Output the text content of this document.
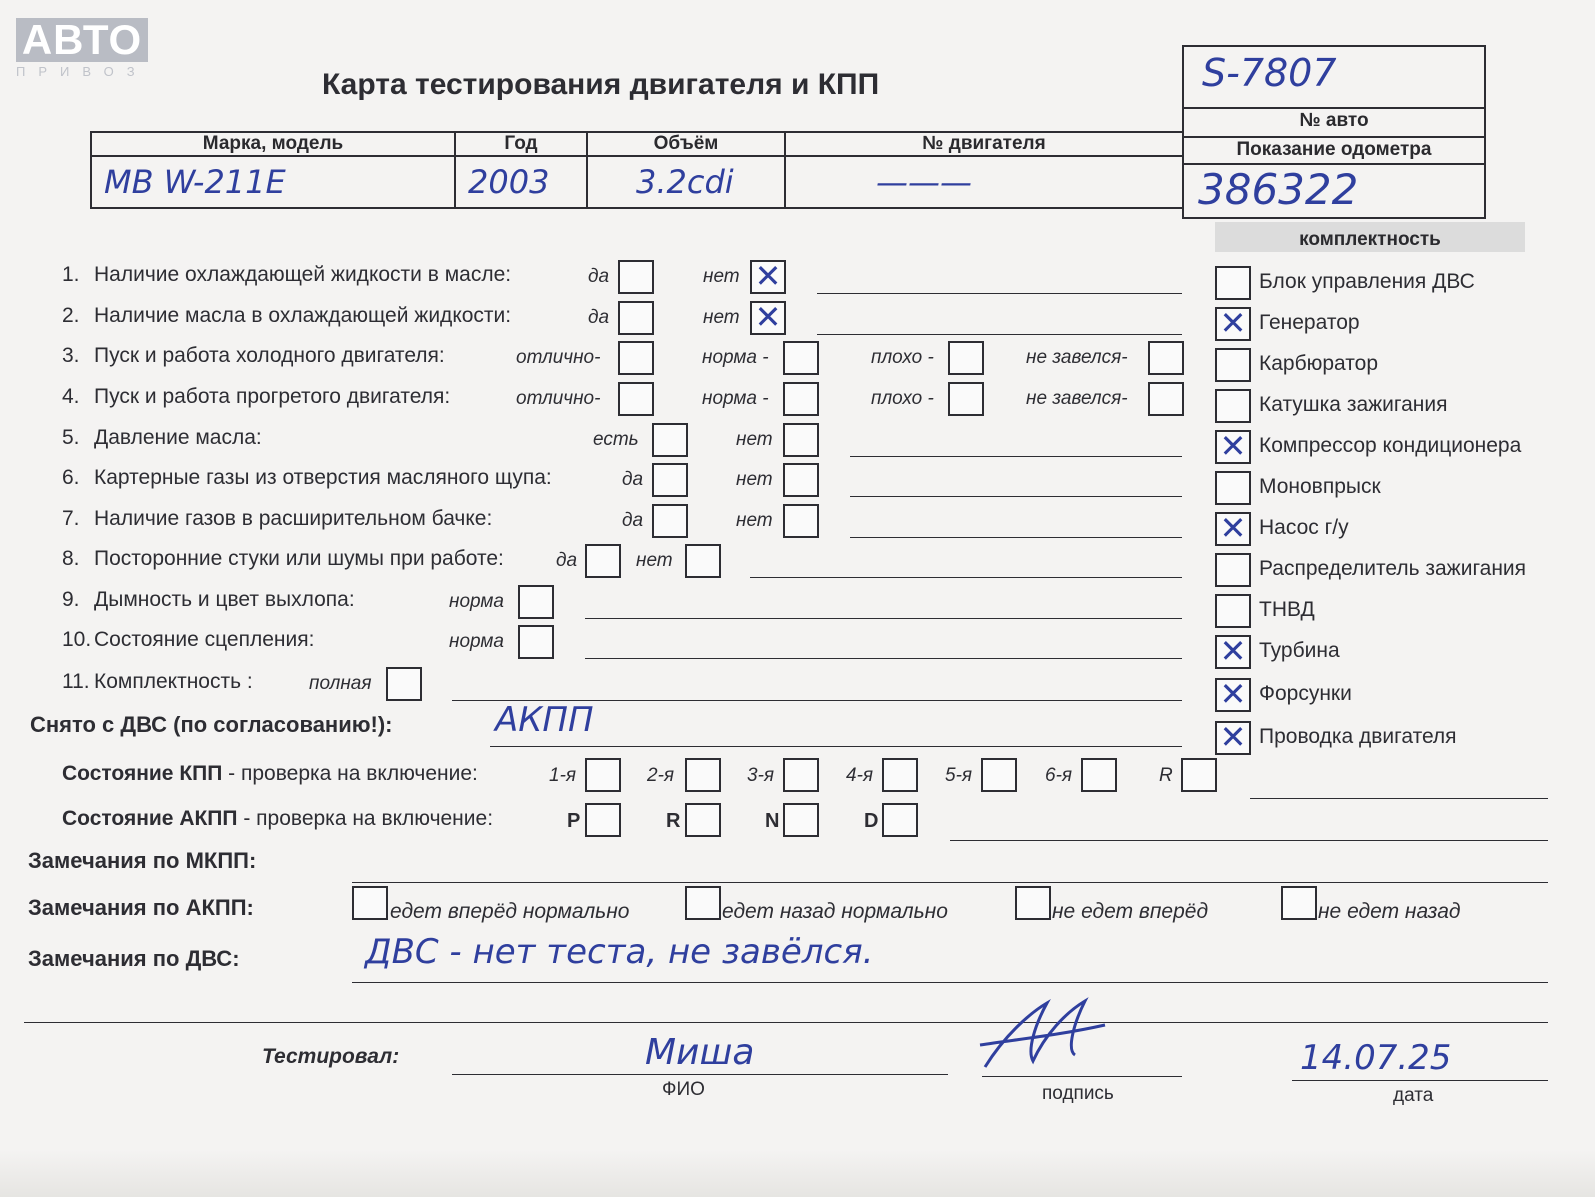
АВТО
ПРИВОЗ	Карта тестирования двигателя и КПП
Марка, модель	Год	Объём	№ двигателя
МВ W-211Е	2003	3.2cdi	———
S-7807
№ авто
Показание одометра
386322
1. Наличие охлаждающей жидкости в масле:	да	нет ✕
2. Наличие масла в охлаждающей жидкости:	да	нет ✕
3. Пуск и работа холодного двигателя:	отлично-	норма -	плохо -	не завелся-
4. Пуск и работа прогретого двигателя:	отлично-	норма -	плохо -	не завелся-
5. Давление масла:	есть	нет
6. Картерные газы из отверстия масляного щупа:	да	нет
7. Наличие газов в расширительном бачке:	да	нет
8. Посторонние стуки или шумы при работе:	да	нет
9. Дымность и цвет выхлопа:	норма
10. Состояние сцепления:	норма
11. Комплектность :	полная
комплектность
Блок управления ДВС
✕ Генератор
Карбюратор
Катушка зажигания
✕ Компрессор кондиционера
Моновпрыск
✕ Насос г/у
Распределитель зажигания
ТНВД
✕ Турбина
✕ Форсунки
✕ Проводка двигателя
Снято с ДВС (по согласованию!):	АКПП
Состояние КПП - проверка на включение:	1-я	2-я	3-я	4-я	5-я	6-я	R
Состояние АКПП - проверка на включение:	P	R	N	D
Замечания по МКПП:
Замечания по АКПП:	едет вперёд нормально	едет назад нормально	не едет вперёд	не едет назад
Замечания по ДВС:	ДВС - нет теста, не завёлся.
Тестировал:	Миша
ФИО	подпись
14.07.25
дата
